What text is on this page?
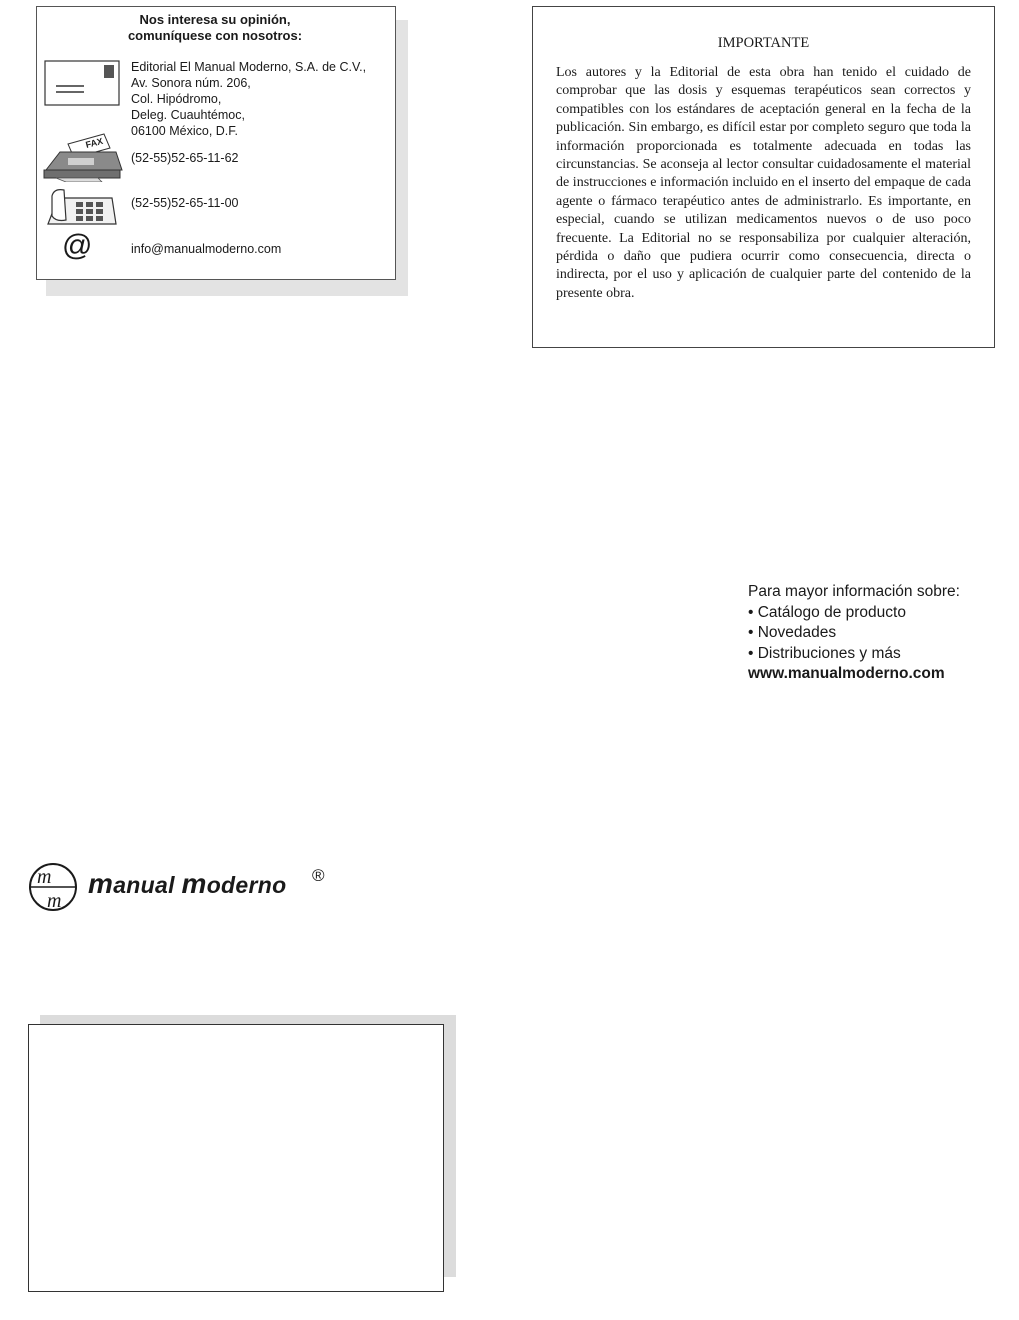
Nos interesa su opinión,
comuníquese con nosotros:
Editorial El Manual Moderno, S.A. de C.V.,
Av. Sonora núm. 206,
Col. Hipódromo,
Deleg. Cuauhtémoc,
06100 México, D.F.
FAX
(52-55)52-65-11-62
(52-55)52-65-11-00
@	info@manualmoderno.com
IMPORTANTE
Los autores y la Editorial de esta obra han tenido el cuidado de comprobar que las dosis y esquemas terapéuticos sean correctos y compatibles con los estándares de aceptación general en la fecha de la publicación. Sin embargo, es difícil estar por completo seguro que toda la información proporcionada es totalmente adecuada en todas las circunstancias. Se aconseja al lector consultar cuidadosamente el material de instrucciones e información incluido en el inserto del empaque de cada agente o fármaco terapéutico antes de administrarlo. Es importante, en especial, cuando se utilizan medicamentos nuevos o de uso poco frecuente. La Editorial no se responsabiliza por cualquier alteración, pérdida o daño que pudiera ocurrir como consecuencia, directa o indirecta, por el uso y aplicación de cualquier parte del contenido de la presente obra.
Para mayor información sobre:
• Catálogo de producto
• Novedades
• Distribuciones y más
www.manualmoderno.com
m
m
manual moderno ®
